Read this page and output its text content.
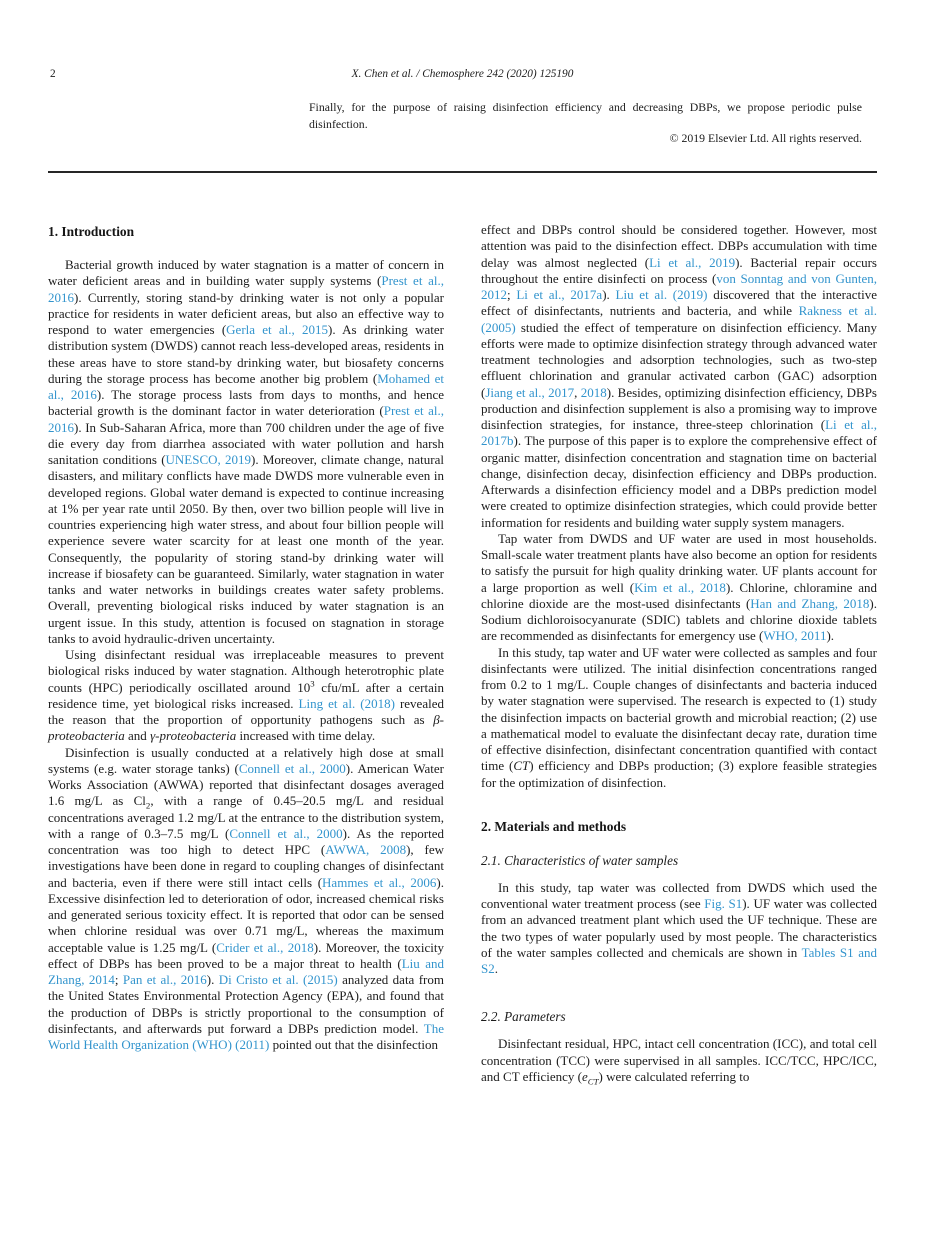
2	X. Chen et al. / Chemosphere 242 (2020) 125190
Finally, for the purpose of raising disinfection efficiency and decreasing DBPs, we propose periodic pulse disinfection.
© 2019 Elsevier Ltd. All rights reserved.
1. Introduction

Bacterial growth induced by water stagnation is a matter of concern in water deficient areas and in building water supply systems (Prest et al., 2016). Currently, storing stand-by drinking water is not only a popular practice for residents in water deficient areas, but also an effective way to respond to water emergencies (Gerla et al., 2015). As drinking water distribution system (DWDS) cannot reach less-developed areas, residents in these areas have to store stand-by drinking water, but biosafety concerns during the storage process has become another big problem (Mohamed et al., 2016). The storage process lasts from days to months, and hence bacterial growth is the dominant factor in water deterioration (Prest et al., 2016). In Sub-Saharan Africa, more than 700 children under the age of five die every day from diarrhea associated with water pollution and harsh sanitation conditions (UNESCO, 2019). Moreover, climate change, natural disasters, and military conflicts have made DWDS more vulnerable even in developed regions. Global water demand is expected to continue increasing at 1% per year rate until 2050. By then, over two billion people will live in countries experiencing high water stress, and about four billion people will experience severe water scarcity for at least one month of the year. Consequently, the popularity of storing stand-by drinking water will increase if biosafety can be guaranteed. Similarly, water stagnation in water tanks and water networks in buildings creates water safety problems. Overall, preventing biological risks induced by water stagnation is an urgent issue. In this study, attention is focused on stagnation in storage tanks to avoid hydraulic-driven uncertainty.

Using disinfectant residual was irreplaceable measures to prevent biological risks induced by water stagnation. Although heterotrophic plate counts (HPC) periodically oscillated around $10^3$ cfu/mL after a certain residence time, yet biological risks increased. Ling et al. (2018) revealed the reason that the proportion of opportunity pathogens such as β-proteobacteria and γ-proteobacteria increased with time delay.

Disinfection is usually conducted at a relatively high dose at small systems (e.g. water storage tanks) (Connell et al., 2000). American Water Works Association (AWWA) reported that disinfectant dosages averaged 1.6 mg/L as $Cl_2$, with a range of 0.45–20.5 mg/L and residual concentrations averaged 1.2 mg/L at the entrance to the distribution system, with a range of 0.3–7.5 mg/L (Connell et al., 2000). As the reported concentration was too high to detect HPC (AWWA, 2008), few investigations have been done in regard to coupling changes of disinfectant and bacteria, even if there were still intact cells (Hammes et al., 2006). Excessive disinfection led to deterioration of odor, increased chemical risks and generated serious toxicity effect. It is reported that odor can be sensed when chlorine residual was over 0.71 mg/L, whereas the maximum acceptable value is 1.25 mg/L (Crider et al., 2018). Moreover, the toxicity effect of DBPs has been proved to be a major threat to health (Liu and Zhang, 2014; Pan et al., 2016). Di Cristo et al. (2015) analyzed data from the United States Environmental Protection Agency (EPA), and found that the production of DBPs is strictly proportional to the consumption of disinfectants, and afterwards put forward a DBPs prediction model. The World Health Organization (WHO) (2011) pointed out that the disinfection

effect and DBPs control should be considered together. However, most attention was paid to the disinfection effect. DBPs accumulation with time delay was almost neglected (Li et al., 2019). Bacterial repair occurs throughout the entire disinfecti on process (von Sonntag and von Gunten, 2012; Li et al., 2017a). Liu et al. (2019) discovered that the interactive effect of disinfectants, nutrients and bacteria, and while Rakness et al. (2005) studied the effect of temperature on disinfection efficiency. Many efforts were made to optimize disinfection strategy through advanced water treatment technologies and adsorption technologies, such as two-step effluent chlorination and granular activated carbon (GAC) adsorption (Jiang et al., 2017, 2018). Besides, optimizing disinfection efficiency, DBPs production and disinfection supplement is also a promising way to improve disinfection strategies, for instance, three-steep chlorination (Li et al., 2017b). The purpose of this paper is to explore the comprehensive effect of organic matter, disinfection concentration and stagnation time on bacterial change, disinfection decay, disinfection efficiency and DBPs production. Afterwards a disinfection efficiency model and a DBPs prediction model were created to optimize disinfection strategies, which could provide better information for residents and building water supply system managers.

Tap water from DWDS and UF water are used in most households. Small-scale water treatment plants have also become an option for residents to satisfy the pursuit for high quality drinking water. UF plants account for a large proportion as well (Kim et al., 2018). Chlorine, chloramine and chlorine dioxide are the most-used disinfectants (Han and Zhang, 2018). Sodium dichloroisocyanurate (SDIC) tablets and chlorine dioxide tablets are recommended as disinfectants for emergency use (WHO, 2011).

In this study, tap water and UF water were collected as samples and four disinfectants were utilized. The initial disinfection concentrations ranged from 0.2 to 1 mg/L. Couple changes of disinfectants and bacteria induced by water stagnation were supervised. The research is expected to (1) study the disinfection impacts on bacterial growth and microbial reaction; (2) use a mathematical model to evaluate the disinfectant decay rate, duration time of effective disinfection, disinfectant concentration quantified with contact time (CT) efficiency and DBPs production; (3) explore feasible strategies for the optimization of disinfection.

2. Materials and methods
2.1. Characteristics of water samples

In this study, tap water was collected from DWDS which used the conventional water treatment process (see Fig. S1). UF water was collected from an advanced treatment plant which used the UF technique. These are the two types of water popularly used by most people. The characteristics of the water samples collected and chemicals are shown in Tables S1 and S2.

2.2. Parameters

Disinfectant residual, HPC, intact cell concentration (ICC), and total cell concentration (TCC) were supervised in all samples. ICC/TCC, HPC/ICC, and CT efficiency $(e_{CT})$ were calculated referring to
